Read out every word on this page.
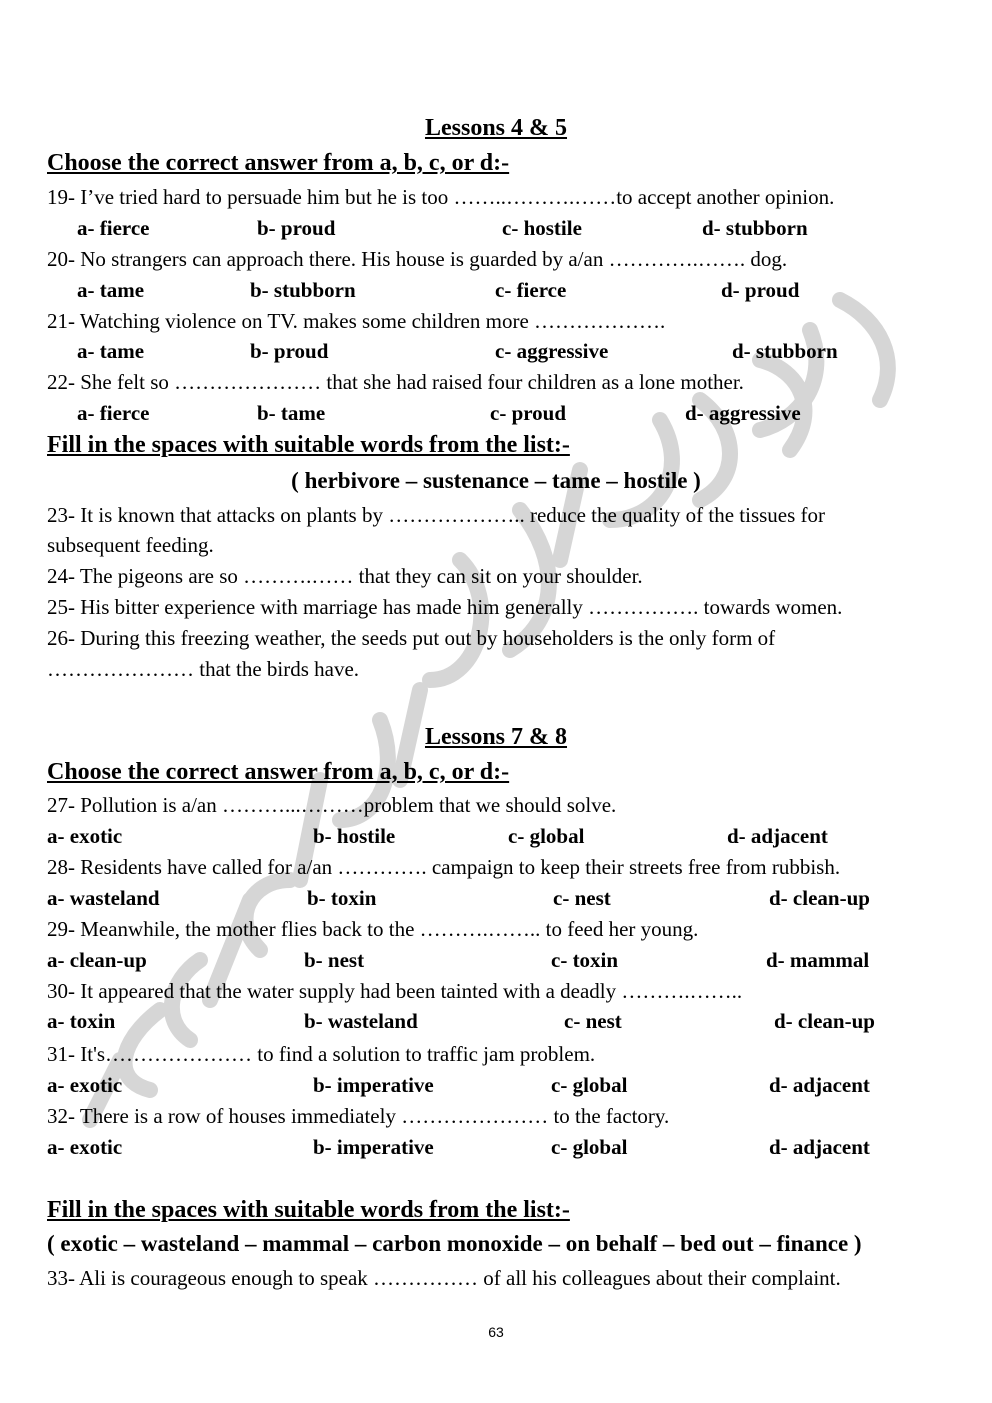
Lessons 4 & 5
Choose the correct answer from a, b, c, or d:-
19- I’ve tried hard to persuade him but he is too ……..……….……to accept another opinion.
a- fierce	b- proud	c- hostile	d- stubborn
20- No strangers can approach there. His house is guarded by a/an ………….……. dog.
a- tame	b- stubborn	c- fierce	d- proud
21- Watching violence on TV. makes some children more ……………….
a- tame	b- proud	c- aggressive	d- stubborn
22- She felt so ………………… that she had raised four children as a lone mother.
a- fierce	b- tame	c- proud	d- aggressive
Fill in the spaces with suitable words from the list:-
( herbivore – sustenance – tame – hostile )
23- It is known that attacks on plants by ……………….. reduce the quality of the tissues for
subsequent feeding.
24- The pigeons are so ……….…… that they can sit on your shoulder.
25- His bitter experience with marriage has made him generally ……………. towards women.
26- During this freezing weather, the seeds put out by householders is the only form of
………………… that the birds have.
Lessons 7 & 8
Choose the correct answer from a, b, c, or d:-
27- Pollution is a/an ………...………problem that we should solve.
a- exotic	b- hostile	c- global	d- adjacent
28- Residents have called for a/an …………. campaign to keep their streets free from rubbish.
a- wasteland	b- toxin	c- nest	d- clean-up
29- Meanwhile, the mother flies back to the ……….…….. to feed her young.
a- clean-up	b- nest	c- toxin	d- mammal
30- It appeared that the water supply had been tainted with a deadly ……….……..
a- toxin	b- wasteland	c- nest	d- clean-up
31- It's………………… to find a solution to traffic jam problem.
a- exotic	b- imperative	c- global	d- adjacent
32- There is a row of houses immediately ………………… to the factory.
a- exotic	b- imperative	c- global	d- adjacent
Fill in the spaces with suitable words from the list:-
( exotic – wasteland – mammal – carbon monoxide – on behalf – bed out – finance )
33- Ali is courageous enough to speak …………… of all his colleagues about their complaint.
63
